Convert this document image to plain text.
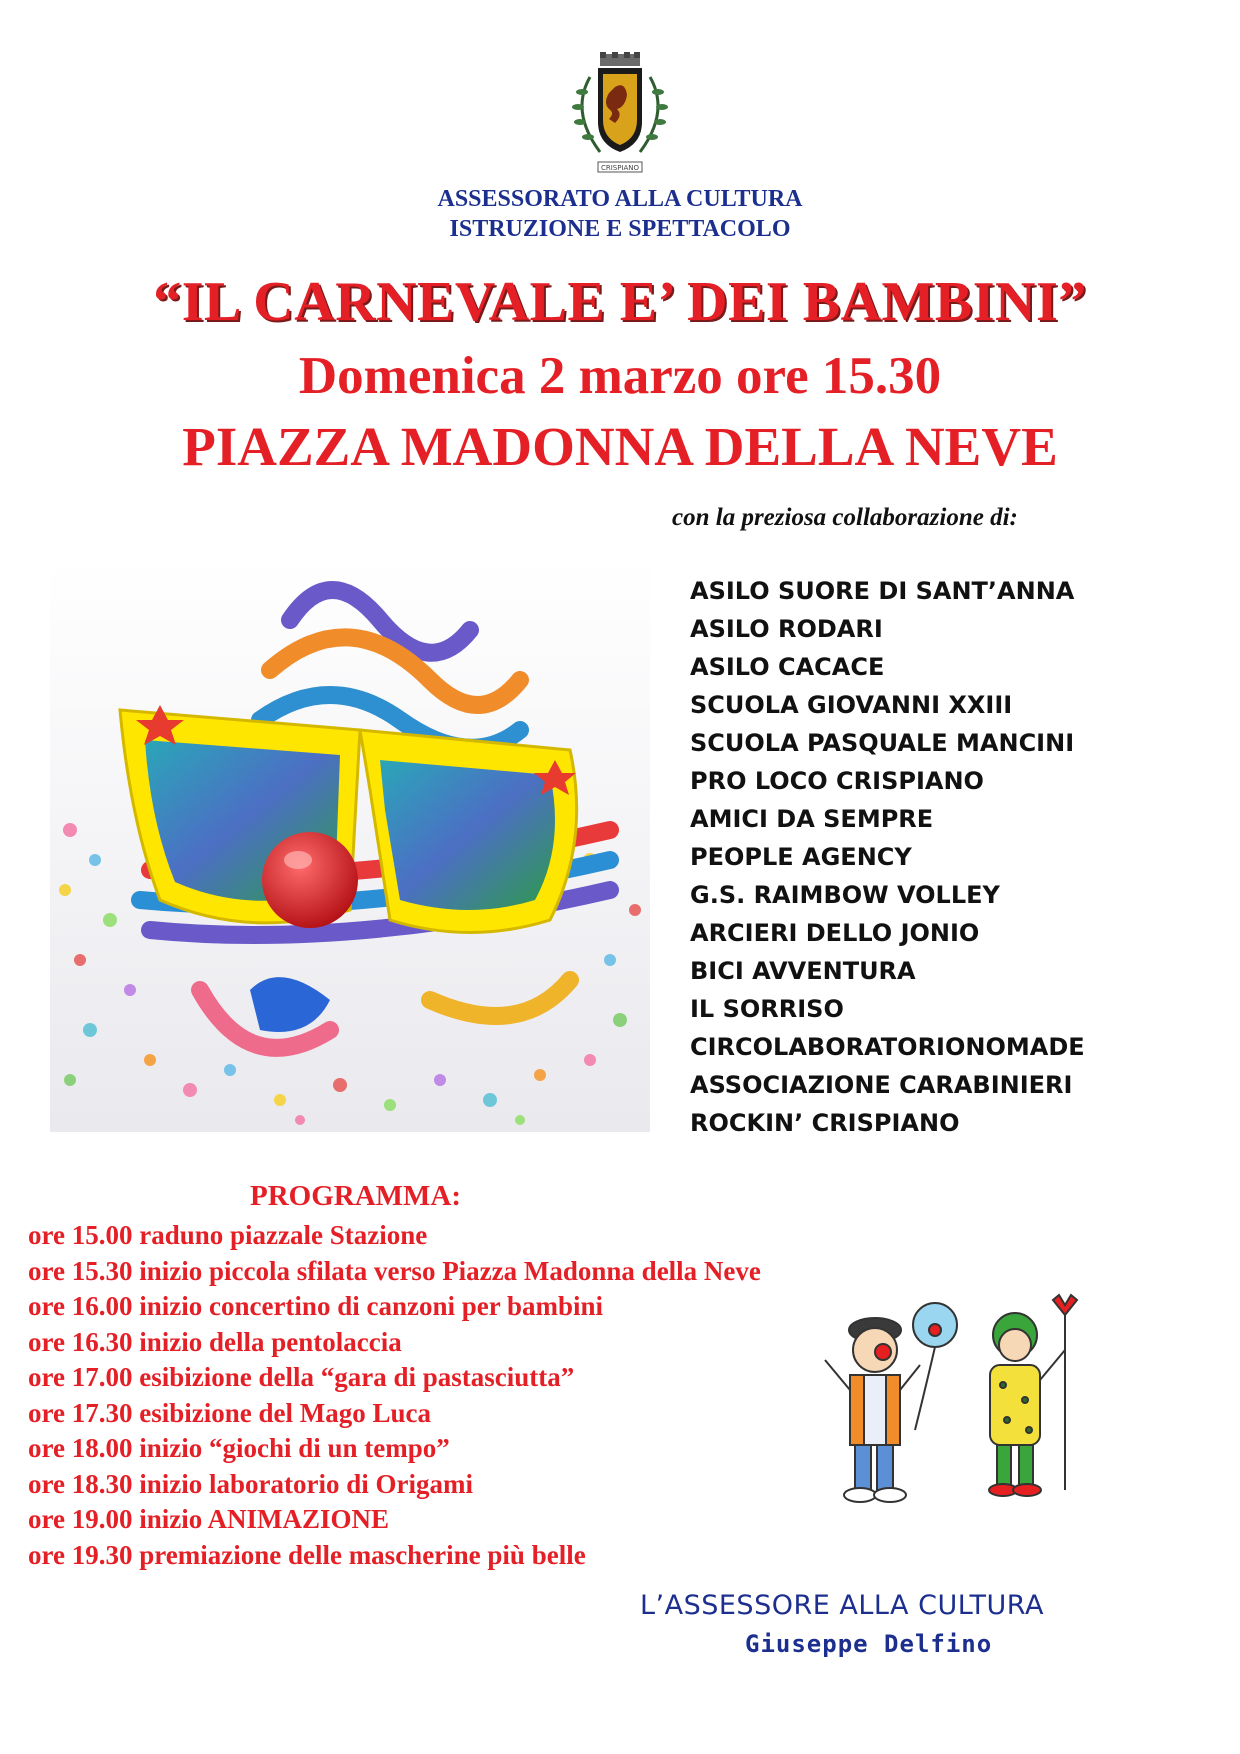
CRISPIANO
ASSESSORATO ALLA CULTURA
ISTRUZIONE E SPETTACOLO
“IL CARNEVALE E’ DEI BAMBINI”
Domenica 2 marzo ore 15.30
PIAZZA MADONNA DELLA NEVE
con la preziosa collaborazione di:
ASILO SUORE DI SANT’ANNA
ASILO RODARI
ASILO CACACE
SCUOLA GIOVANNI XXIII
SCUOLA PASQUALE MANCINI
PRO LOCO CRISPIANO
AMICI DA SEMPRE
PEOPLE AGENCY
G.S. RAIMBOW VOLLEY
ARCIERI DELLO JONIO
BICI AVVENTURA
IL SORRISO
CIRCOLABORATORIONOMADE
ASSOCIAZIONE CARABINIERI
ROCKIN’ CRISPIANO
PROGRAMMA:
ore 15.00 raduno piazzale Stazione
ore 15.30 inizio piccola sfilata verso Piazza Madonna della Neve
ore 16.00 inizio concertino di canzoni per bambini
ore 16.30 inizio della pentolaccia
ore 17.00 esibizione della “gara di pastasciutta”
ore 17.30 esibizione del Mago Luca
ore 18.00 inizio “giochi di un tempo”
ore 18.30 inizio laboratorio di Origami
ore 19.00 inizio ANIMAZIONE
ore 19.30 premiazione delle mascherine più belle
L’ASSESSORE ALLA CULTURA
Giuseppe Delfino
